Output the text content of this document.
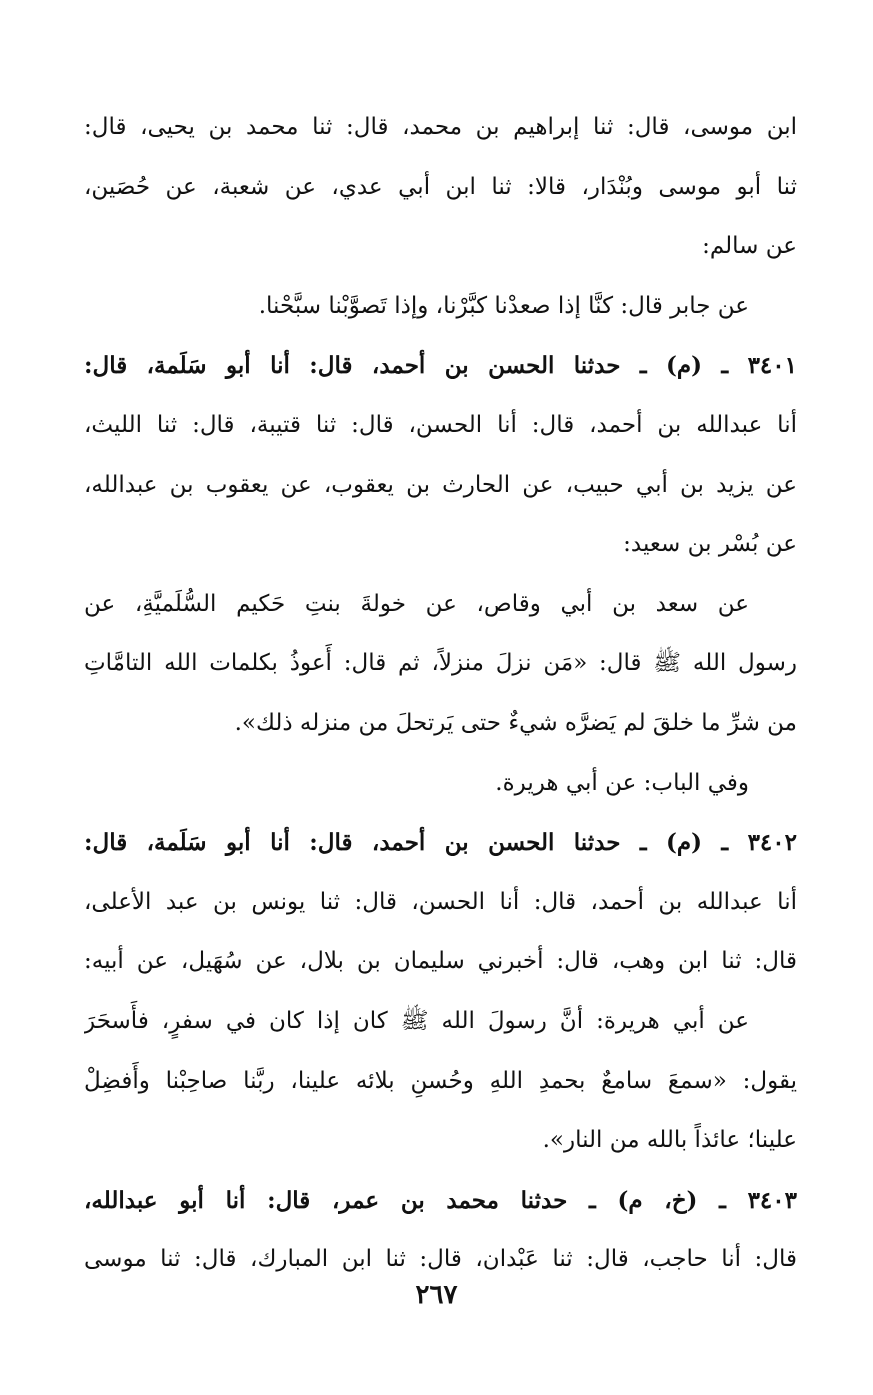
ابن موسى، قال: ثنا إبراهيم بن محمد، قال: ثنا محمد بن يحيى، قال:
ثنا أبو موسى وبُنْدَار، قالا: ثنا ابن أبي عدي، عن شعبة، عن حُصَين،
عن سالم:
عن جابر قال: كنَّا إذا صعدْنا كبَّرْنا، وإذا تَصوَّبْنا سبَّحْنا.
٣٤٠١ ـ (م) ـ حدثنا الحسن بن أحمد، قال: أنا أبو سَلَمة، قال:
أنا عبدالله بن أحمد، قال: أنا الحسن، قال: ثنا قتيبة، قال: ثنا الليث،
عن يزيد بن أبي حبيب، عن الحارث بن يعقوب، عن يعقوب بن عبدالله،
عن بُسْر بن سعيد:
عن سعد بن أبي وقاص، عن خولةَ بنتِ حَكيم السُّلَميَّةِ، عن
رسول الله ﷺ قال: «مَن نزلَ منزلاً، ثم قال: أَعوذُ بكلمات الله التامَّاتِ
من شرِّ ما خلقَ لم يَضرَّه شيءٌ حتى يَرتحلَ من منزله ذلك».
وفي الباب: عن أبي هريرة.
٣٤٠٢ ـ (م) ـ حدثنا الحسن بن أحمد، قال: أنا أبو سَلَمة، قال:
أنا عبدالله بن أحمد، قال: أنا الحسن، قال: ثنا يونس بن عبد الأعلى،
قال: ثنا ابن وهب، قال: أخبرني سليمان بن بلال، عن سُهَيل، عن أبيه:
عن أبي هريرة: أنَّ رسولَ الله ﷺ كان إذا كان في سفرٍ، فأَسحَرَ
يقول: «سمعَ سامعٌ بحمدِ اللهِ وحُسنِ بلائه علينا، ربَّنا صاحِبْنا وأَفضِلْ
علينا؛ عائذاً بالله من النار».
٣٤٠٣ ـ (خ، م) ـ حدثنا محمد بن عمر، قال: أنا أبو عبدالله،
قال: أنا حاجب، قال: ثنا عَبْدان، قال: ثنا ابن المبارك، قال: ثنا موسى
٢٦٧
